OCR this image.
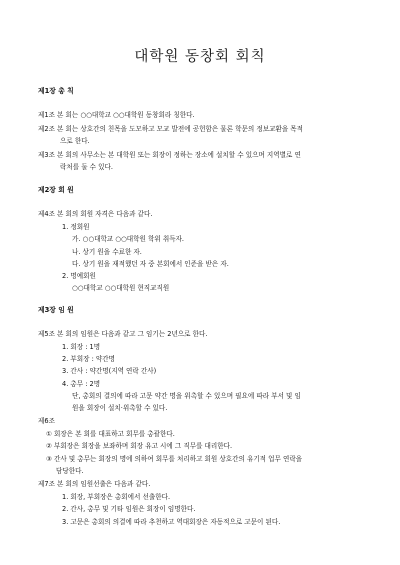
대학원 동창회 회칙
제1장 총 칙
제1조 본 회는 ○○대학교 ○○대학원 동창회라 칭한다.
제2조 본 회는 상호간의 친목을 도모하고 모교 발전에 공헌함은 물론 학문의 정보교환을 목적
으로 한다.
제3조 본 회의 사무소는 본 대학원 또는 회장이 정하는 장소에 설치할 수 있으며 지역별로 연
락처를 둘 수 있다.
제2장 회 원
제4조 본 회의 회원 자격은 다음과 같다.
1. 정회원
가. ○○대학교 ○○대학원 학위 취득자.
나. 상기 원을 수료한 자.
다. 상기 원을 재적했던 자 중 본회에서 인준을 받은 자.
2. 명예회원
○○대학교 ○○대학원 현직교직원
제3장 임 원
제5조 본 회의 임원은 다음과 같고 그 임기는 2년으로 한다.
1. 회장 : 1명
2. 부회장 : 약간명
3. 간사 : 약간명(지역 연락 간사)
4. 총무 : 2명
단, 총회의 결의에 따라 고문 약간 명을 위촉할 수 있으며 필요에 따라 부서 및 임
원을 회장이 설치·위촉할 수 있다.
제6조
① 회장은 본 회를 대표하고 회무를 총괄한다.
② 부회장은 회장을 보좌하며 회장 유고 시에 그 직무를 대리한다.
③ 간사 및 총무는 회장의 명에 의하여 회무를 처리하고 회원 상호간의 유기적 업무 연락을
담당한다.
제7조 본 회의 임원선출은 다음과 같다.
1. 회장, 부회장은 총회에서 선출한다.
2. 간사, 총무 및 기타 임원은 회장이 임명한다.
3. 고문은 총회의 의결에 따라 추천하고 역대회장은 자동적으로 고문이 된다.
